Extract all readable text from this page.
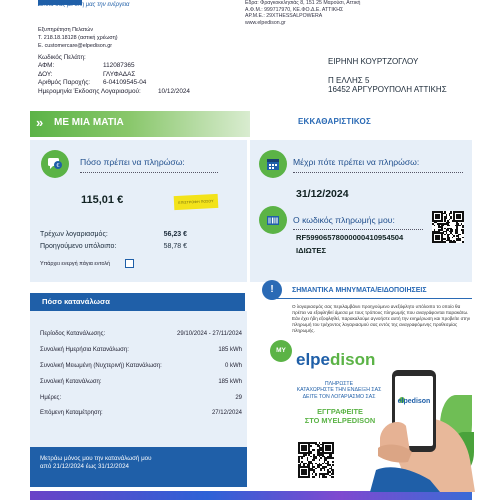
Δίπλα σας με όλη μας την ενέργεια	Εδρα: Φραγκοκκλησιάς 8, 151 25 Μαρούσι, Αττική
Α.Φ.Μ.: 999717970, ΚΕ.ΦΟ.Δ.Ε. ΑΤΤΙΚΗΣ
ΑΡ.Μ.Ε.: 29XTHESSALPOWERA
www.elpedison.gr
Εξυπηρέτηση Πελατών
Τ. 218.18.18128 (αστική χρέωση)
E. customercare@elpedison.gr
Κωδικός Πελάτη:
ΑΦΜ:	112087365
ΔΟΥ:	ΓΛΥΦΑΔΑΣ
Αριθμός Παροχής:	6-04109545-04
Ημερομηνία Έκδοσης Λογαριασμού:	10/12/2024
ΕΙΡΗΝΗ ΚΟΥΡΤΖΟΓΛΟΥ
Π ΕΛΛΗΣ 5
16452 ΑΡΓΥΡΟΥΠΟΛΗ ΑΤΤΙΚΗΣ
» ΜΕ ΜΙΑ ΜΑΤΙΑ	ΕΚΚΑΘΑΡΙΣΤΙΚΟΣ
€ Πόσο πρέπει να πληρώσω:
115,01 €	ΕΠΙΣΤΡΟΦΗ ΠΟΣΟΥ
Τρέχων λογαριασμός:	56,23 €
Προηγούμενο υπόλοιπο:	58,78 €
Υπάρχει ενεργή πάγια εντολή
Μέχρι πότε πρέπει να πληρώσω:
31/12/2024
Ο κωδικός πληρωμής μου:
RF59906578000000410954504
ΙΔΙΩΤΕΣ
Πόσο κατανάλωσα
Περίοδος Κατανάλωσης:	29/10/2024 - 27/11/2024
Συνολική Ημερήσια Κατανάλωση:	185 kWh
Συνολική Μειωμένη (Νυχτερινή) Κατανάλωση:	0 kWh
Συνολική Κατανάλωση:	185 kWh
Ημέρες:	29
Επόμενη Καταμέτρηση:	27/12/2024
Μετράω μόνος μου την κατανάλωσή μου
από 21/12/2024 έως 31/12/2024
!	ΣΗΜΑΝΤΙΚΑ ΜΗΝΥΜΑΤΑ/ΕΙΔΟΠΟΙΗΣΕΙΣ
Ο λογαριασμός σας περιλαμβάνει προηγούμενο ανεξόφλητο υπόλοιπο το οποίο θα πρέπει να εξοφληθεί άμεσα με τους τρόπους πληρωμής που αναγράφονται παρακάτω. Εάν έχει ήδη εξοφληθεί, παρακαλούμε αγνοήστε αυτή την ενημέρωση και προβείτε στην πληρωμή του τρέχοντος λογαριασμού σας εντός της αναγραφόμενης προθεσμίας πληρωμής.
MY elpedison
ΠΛΗΡΩΣΤΕ
ΚΑΤΑΧΩΡΗΣΤΕ ΤΗΝ ΕΝΔΕΙΞΗ ΣΑΣ
ΔΕΙΤΕ ΤΟΝ ΛΟΓΑΡΙΑΣΜΟ ΣΑΣ
ΕΓΓΡΑΦΕΙΤΕ
ΣΤΟ MYELPEDISON
elpedison
